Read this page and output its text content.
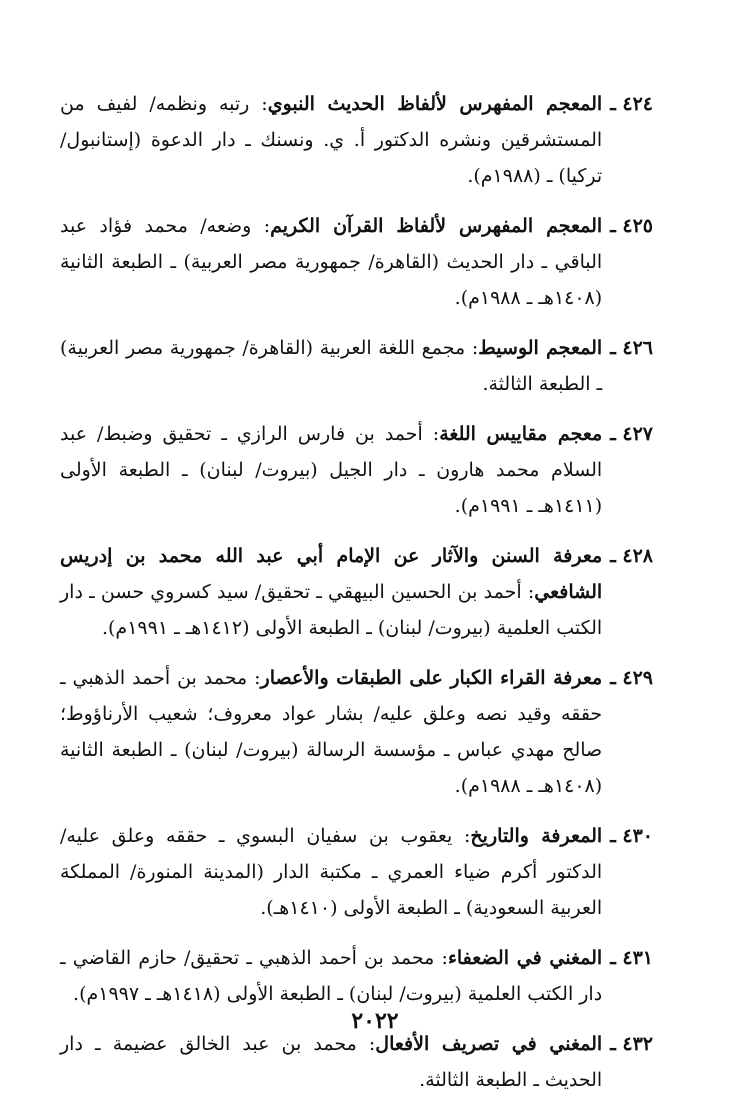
٤٢٤ ـ
المعجم المفهرس لألفاظ الحديث النبوي: رتبه ونظمه/ لفيف من المستشرقين ونشره الدكتور أ. ي. ونسنك ـ دار الدعوة (إستانبول/ تركيا) ـ (١٩٨٨م).
٤٢٥ ـ
المعجم المفهرس لألفاظ القرآن الكريم: وضعه/ محمد فؤاد عبد الباقي ـ دار الحديث (القاهرة/ جمهورية مصر العربية) ـ الطبعة الثانية (١٤٠٨هـ ـ ١٩٨٨م).
٤٢٦ ـ
المعجم الوسيط: مجمع اللغة العربية (القاهرة/ جمهورية مصر العربية) ـ الطبعة الثالثة.
٤٢٧ ـ
معجم مقاييس اللغة: أحمد بن فارس الرازي ـ تحقيق وضبط/ عبد السلام محمد هارون ـ دار الجيل (بيروت/ لبنان) ـ الطبعة الأولى (١٤١١هـ ـ ١٩٩١م).
٤٢٨ ـ
معرفة السنن والآثار عن الإمام أبي عبد الله محمد بن إدريس الشافعي: أحمد بن الحسين البيهقي ـ تحقيق/ سيد كسروي حسن ـ دار الكتب العلمية (بيروت/ لبنان) ـ الطبعة الأولى (١٤١٢هـ ـ ١٩٩١م).
٤٢٩ ـ
معرفة القراء الكبار على الطبقات والأعصار: محمد بن أحمد الذهبي ـ حققه وقيد نصه وعلق عليه/ بشار عواد معروف؛ شعيب الأرناؤوط؛ صالح مهدي عباس ـ مؤسسة الرسالة (بيروت/ لبنان) ـ الطبعة الثانية (١٤٠٨هـ ـ ١٩٨٨م).
٤٣٠ ـ
المعرفة والتاريخ: يعقوب بن سفيان البسوي ـ حققه وعلق عليه/ الدكتور أكرم ضياء العمري ـ مكتبة الدار (المدينة المنورة/ المملكة العربية السعودية) ـ الطبعة الأولى (١٤١٠هـ).
٤٣١ ـ
المغني في الضعفاء: محمد بن أحمد الذهبي ـ تحقيق/ حازم القاضي ـ دار الكتب العلمية (بيروت/ لبنان) ـ الطبعة الأولى (١٤١٨هـ ـ ١٩٩٧م).
٤٣٢ ـ
المغني في تصريف الأفعال: محمد بن عبد الخالق عضيمة ـ دار الحديث ـ الطبعة الثالثة.
٢٠٢٢
